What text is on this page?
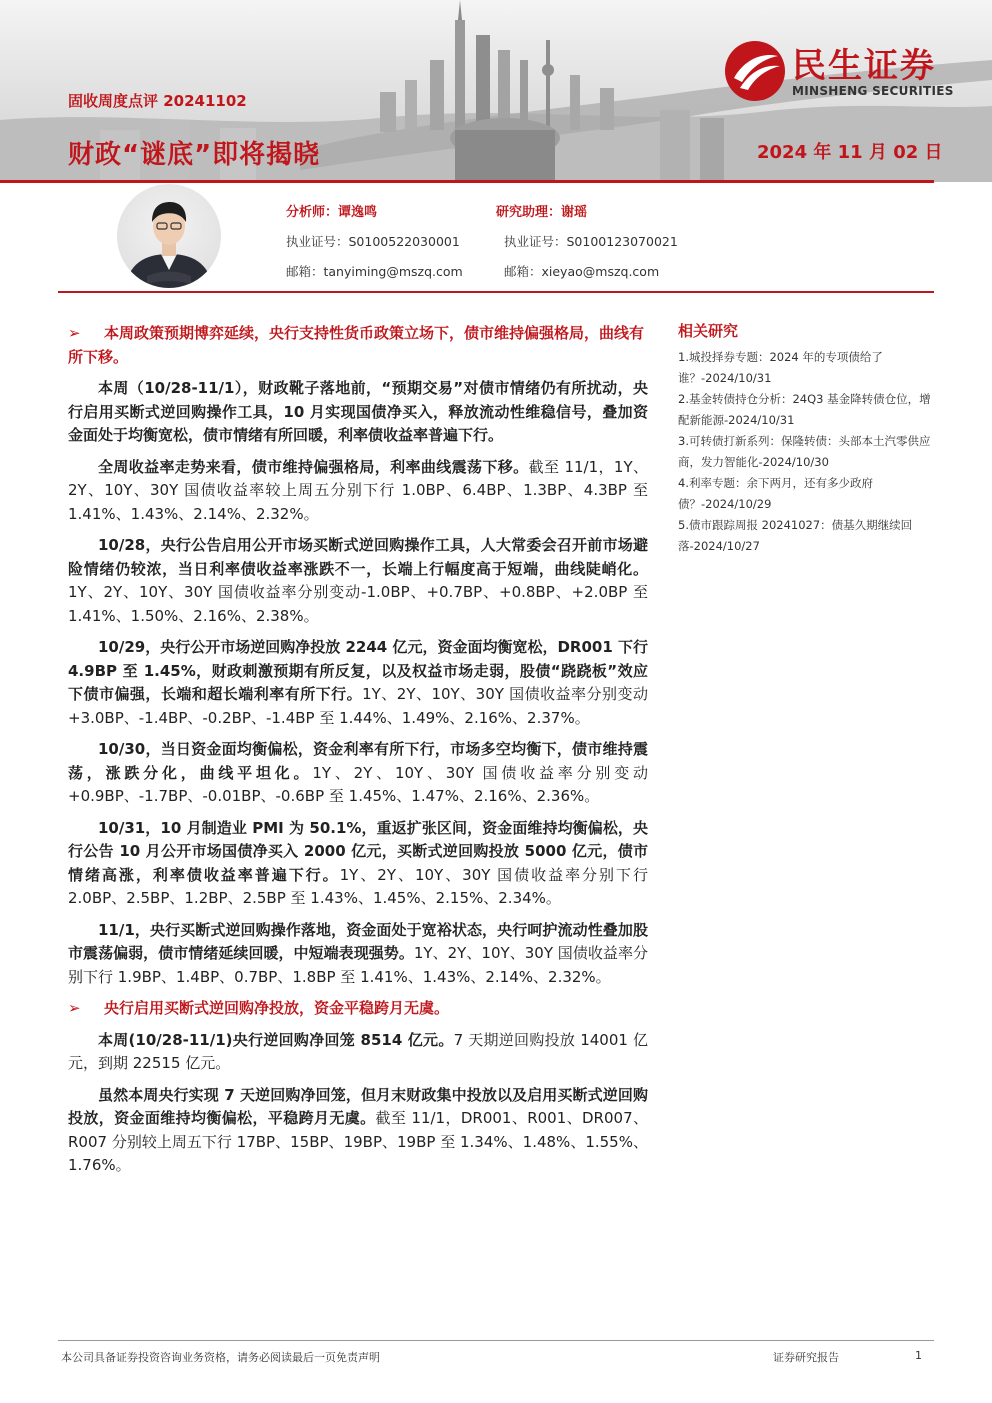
民生证券
MINSHENG SECURITIES
固收周度点评 20241102
财政“谜底”即将揭晓	2024 年 11 月 02 日
分析师：谭逸鸣
执业证号：S0100522030001
邮箱：tanyiming@mszq.com
研究助理：谢瑶
执业证号：S0100123070021
邮箱：xieyao@mszq.com
➢ 本周政策预期博弈延续，央行支持性货币政策立场下，债市维持偏强格局，曲线有所下移。

本周（10/28-11/1），财政靴子落地前，“预期交易”对债市情绪仍有所扰动，央行启用买断式逆回购操作工具，10 月实现国债净买入，释放流动性维稳信号，叠加资金面处于均衡宽松，债市情绪有所回暖，利率债收益率普遍下行。

全周收益率走势来看，债市维持偏强格局，利率曲线震荡下移。截至 11/1，1Y、2Y、10Y、30Y 国债收益率较上周五分别下行 1.0BP、6.4BP、1.3BP、4.3BP 至 1.41%、1.43%、2.14%、2.32%。

10/28，央行公告启用公开市场买断式逆回购操作工具，人大常委会召开前市场避险情绪仍较浓，当日利率债收益率涨跌不一，长端上行幅度高于短端，曲线陡峭化。1Y、2Y、10Y、30Y 国债收益率分别变动-1.0BP、+0.7BP、+0.8BP、+2.0BP 至 1.41%、1.50%、2.16%、2.38%。

10/29，央行公开市场逆回购净投放 2244 亿元，资金面均衡宽松，DR001 下行 4.9BP 至 1.45%，财政刺激预期有所反复，以及权益市场走弱，股债“跷跷板”效应下债市偏强，长端和超长端利率有所下行。1Y、2Y、10Y、30Y 国债收益率分别变动+3.0BP、-1.4BP、-0.2BP、-1.4BP 至 1.44%、1.49%、2.16%、2.37%。

10/30，当日资金面均衡偏松，资金利率有所下行，市场多空均衡下，债市维持震荡，涨跌分化，曲线平坦化。1Y、2Y、10Y、30Y 国债收益率分别变动+0.9BP、-1.7BP、-0.01BP、-0.6BP 至 1.45%、1.47%、2.16%、2.36%。

10/31，10 月制造业 PMI 为 50.1%，重返扩张区间，资金面维持均衡偏松，央行公告 10 月公开市场国债净买入 2000 亿元，买断式逆回购投放 5000 亿元，债市情绪高涨，利率债收益率普遍下行。1Y、2Y、10Y、30Y 国债收益率分别下行 2.0BP、2.5BP、1.2BP、2.5BP 至 1.43%、1.45%、2.15%、2.34%。

11/1，央行买断式逆回购操作落地，资金面处于宽裕状态，央行呵护流动性叠加股市震荡偏弱，债市情绪延续回暖，中短端表现强势。1Y、2Y、10Y、30Y 国债收益率分别下行 1.9BP、1.4BP、0.7BP、1.8BP 至 1.41%、1.43%、2.14%、2.32%。

➢ 央行启用买断式逆回购净投放，资金平稳跨月无虞。

本周(10/28-11/1)央行逆回购净回笼 8514 亿元。7 天期逆回购投放 14001 亿元，到期 22515 亿元。

虽然本周央行实现 7 天逆回购净回笼，但月末财政集中投放以及启用买断式逆回购投放，资金面维持均衡偏松，平稳跨月无虞。截至 11/1，DR001、R001、DR007、R007 分别较上周五下行 17BP、15BP、19BP、19BP 至 1.34%、1.48%、1.55%、1.76%。

相关研究

1.城投择券专题：2024 年的专项债给了谁？-2024/10/31

2.基金转债持仓分析：24Q3 基金降转债仓位，增配新能源-2024/10/31

3.可转债打新系列：保隆转债：头部本土汽零供应商，发力智能化-2024/10/30

4.利率专题：余下两月，还有多少政府债？-2024/10/29

5.债市跟踪周报 20241027：债基久期继续回落-2024/10/27

本公司具备证券投资咨询业务资格，请务必阅读最后一页免责声明	证券研究报告	1
